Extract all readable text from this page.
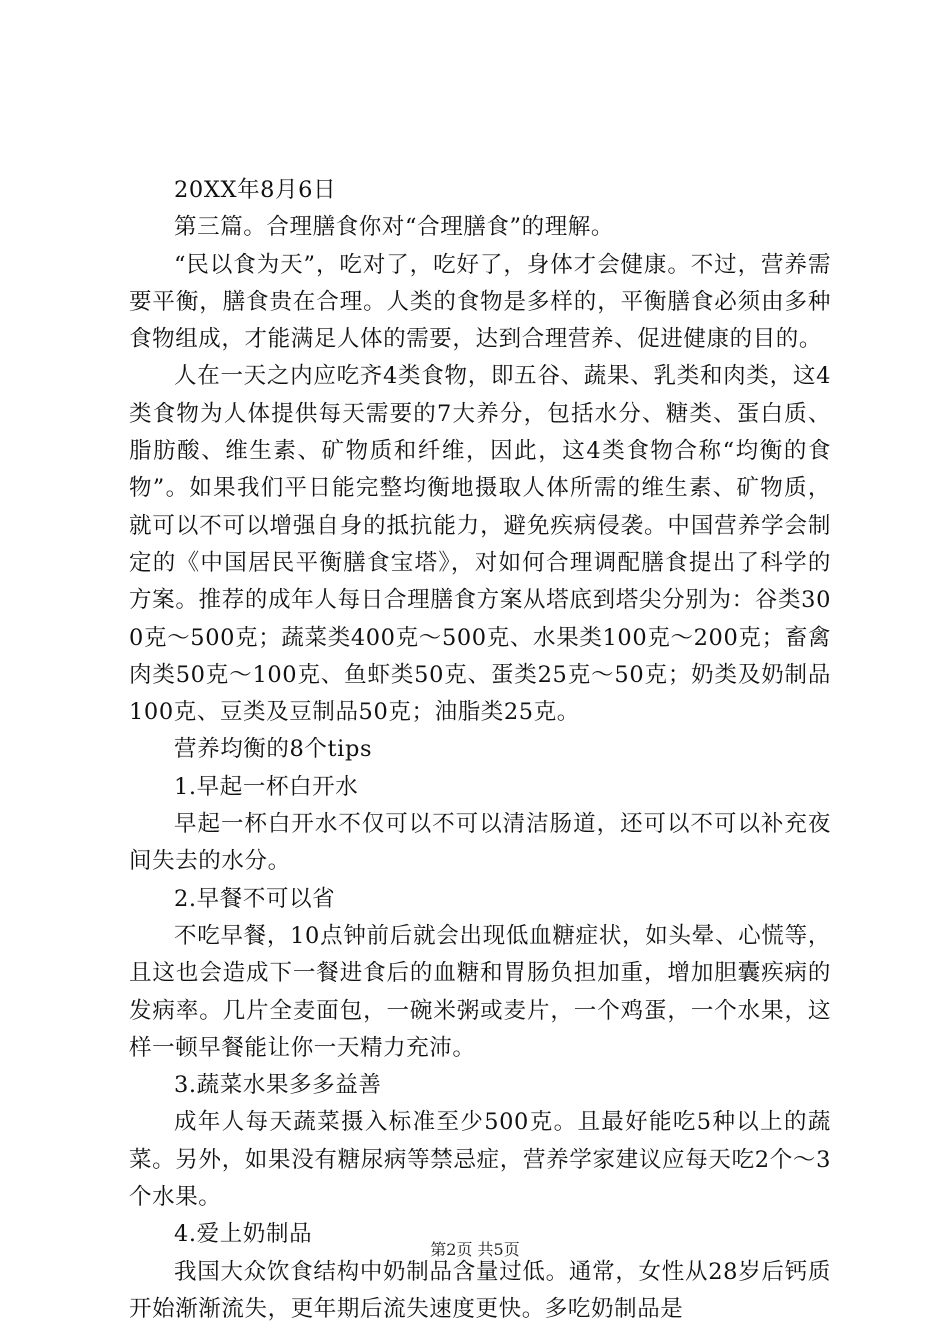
20XX年8月6日

第三篇。合理膳食你对“合理膳食”的理解。

“民以食为天”，吃对了，吃好了，身体才会健康。不过，营养需要平衡，膳食贵在合理。人类的食物是多样的，平衡膳食必须由多种食物组成，才能满足人体的需要，达到合理营养、促进健康的目的。

人在一天之内应吃齐4类食物，即五谷、蔬果、乳类和肉类，这4类食物为人体提供每天需要的7大养分，包括水分、糖类、蛋白质、脂肪酸、维生素、矿物质和纤维，因此，这4类食物合称“均衡的食物”。如果我们平日能完整均衡地摄取人体所需的维生素、矿物质，就可以不可以增强自身的抵抗能力，避免疾病侵袭。中国营养学会制定的《中国居民平衡膳食宝塔》，对如何合理调配膳食提出了科学的方案。推荐的成年人每日合理膳食方案从塔底到塔尖分别为：谷类300克～500克；蔬菜类400克～500克、水果类100克～200克；畜禽肉类50克～100克、鱼虾类50克、蛋类25克～50克；奶类及奶制品100克、豆类及豆制品50克；油脂类25克。

营养均衡的8个tips

1.早起一杯白开水

早起一杯白开水不仅可以不可以清洁肠道，还可以不可以补充夜间失去的水分。

2.早餐不可以省

不吃早餐，10点钟前后就会出现低血糖症状，如头晕、心慌等，且这也会造成下一餐进食后的血糖和胃肠负担加重，增加胆囊疾病的发病率。几片全麦面包，一碗米粥或麦片，一个鸡蛋，一个水果，这样一顿早餐能让你一天精力充沛。

3.蔬菜水果多多益善

成年人每天蔬菜摄入标准至少500克。且最好能吃5种以上的蔬菜。另外，如果没有糖尿病等禁忌症，营养学家建议应每天吃2个～3个水果。

4.爱上奶制品

我国大众饮食结构中奶制品含量过低。通常，女性从28岁后钙质开始渐渐流失，更年期后流失速度更快。多吃奶制品是

第2页 共5页
